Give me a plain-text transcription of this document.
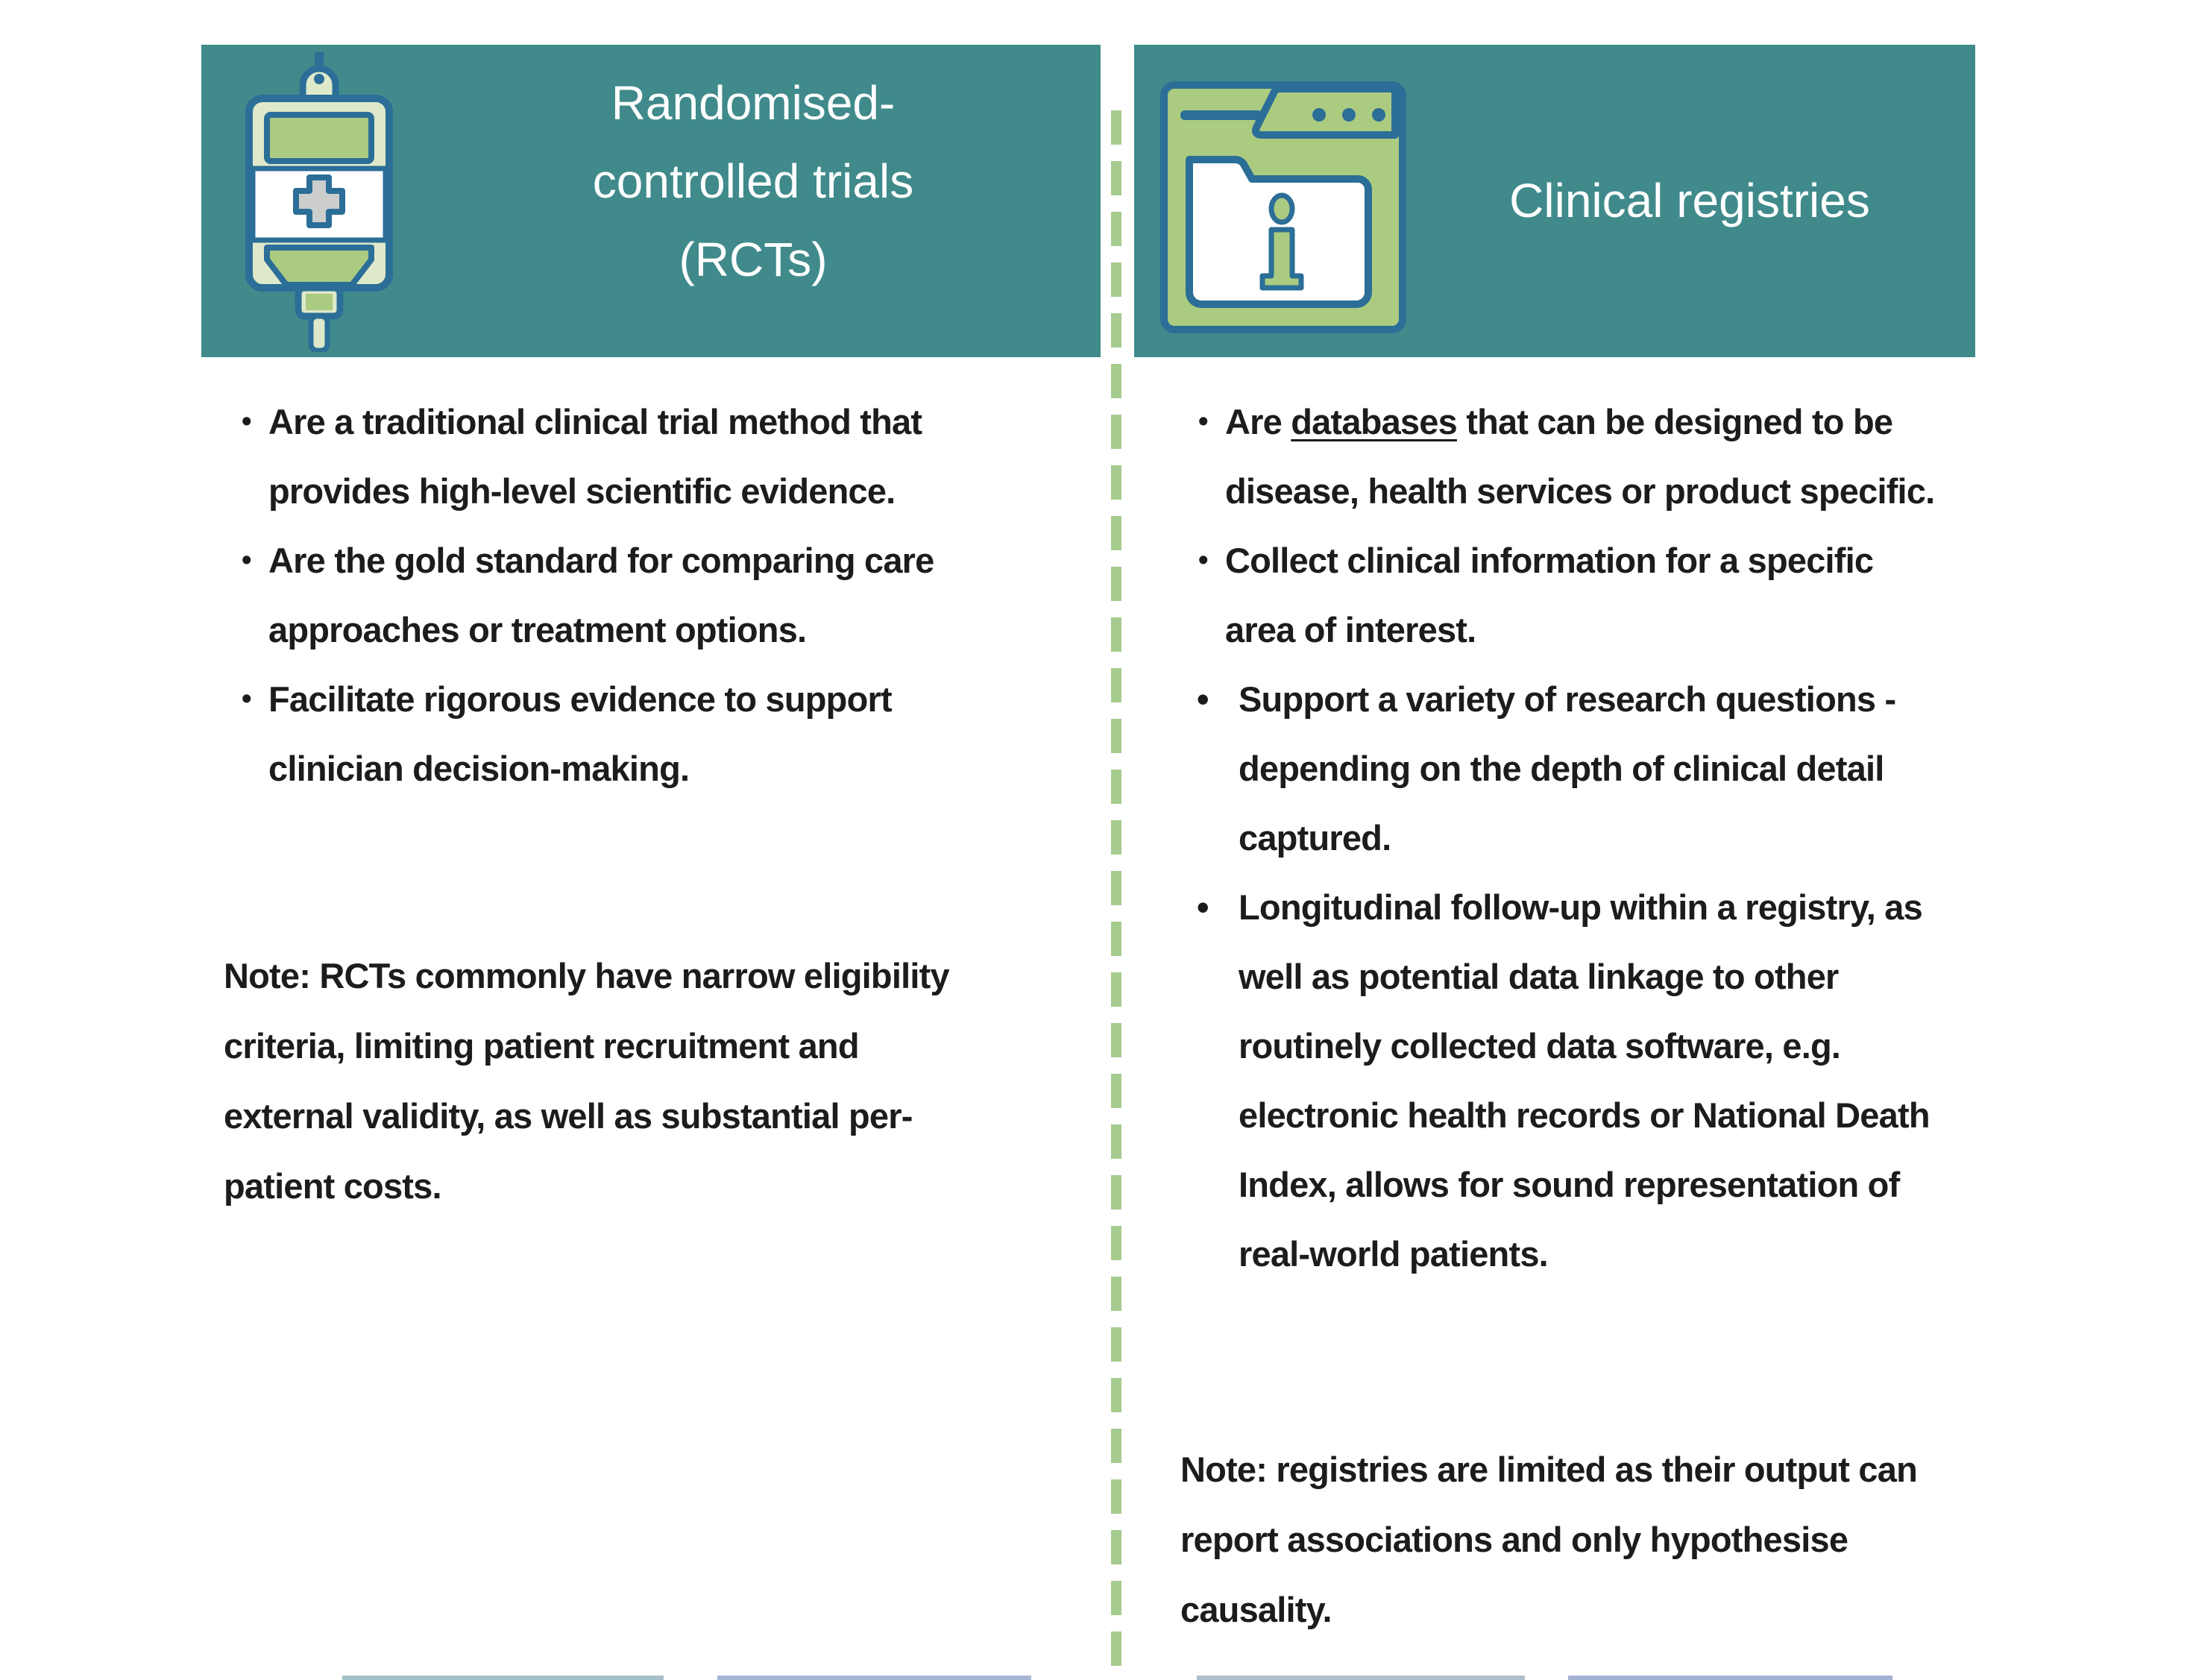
Randomised-
controlled trials
(RCTs)
Clinical registries
• Are a traditional clinical trial method that provides high-level scientific evidence.
• Are the gold standard for comparing care approaches or treatment options.
• Facilitate rigorous evidence to support clinician decision-making.

Note: RCTs commonly have narrow eligibility criteria, limiting patient recruitment and external validity, as well as substantial per-patient costs.

• Are databases that can be designed to be disease, health services or product specific.
• Collect clinical information for a specific area of interest.
• Support a variety of research questions - depending on the depth of clinical detail captured.
• Longitudinal follow-up within a registry, as well as potential data linkage to other routinely collected data software, e.g. electronic health records or National Death Index, allows for sound representation of real-world patients.

Note: registries are limited as their output can report associations and only hypothesise causality.
